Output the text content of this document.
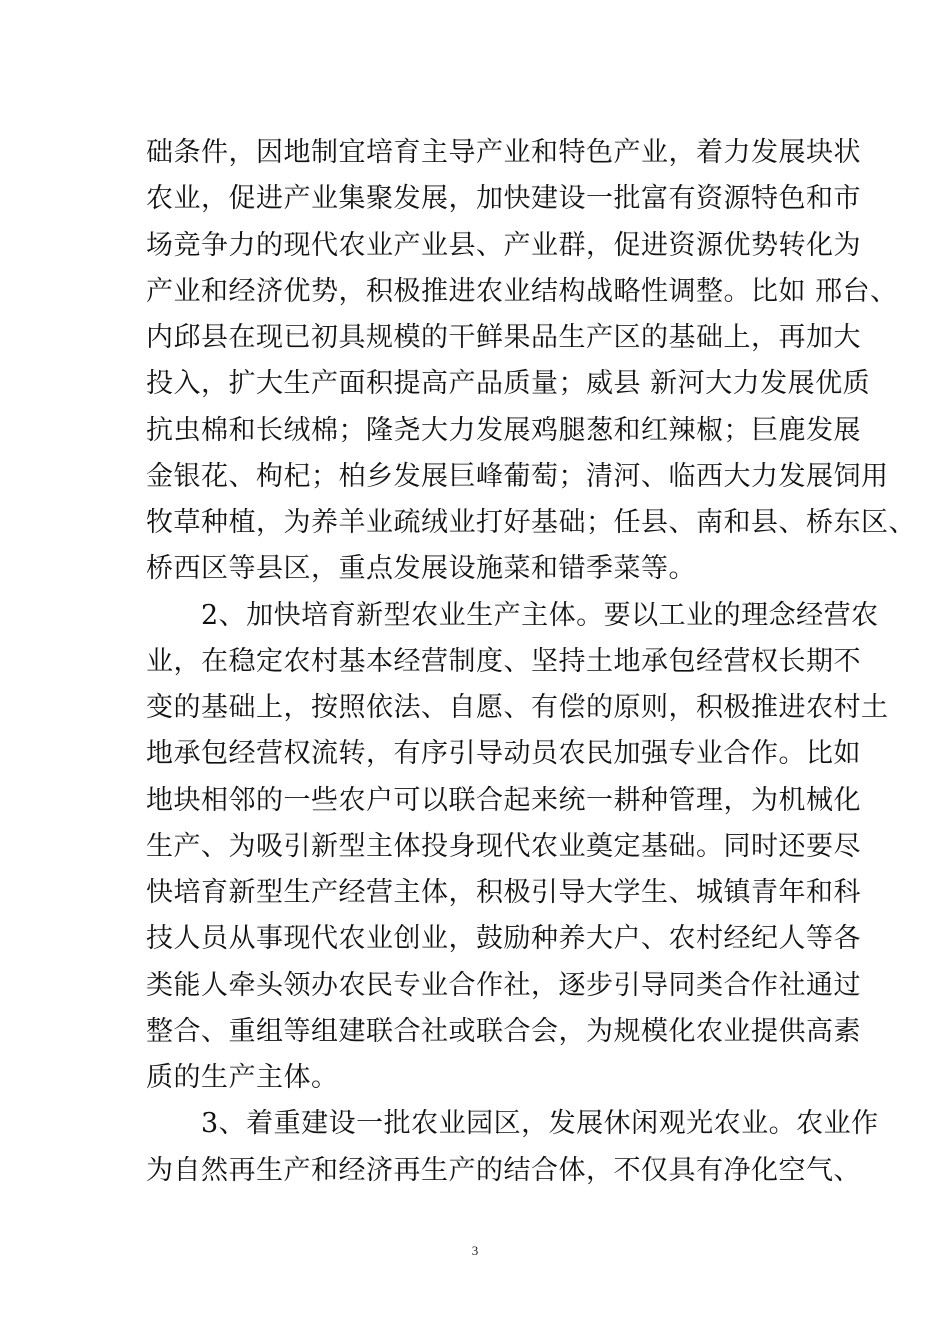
础条件，因地制宜培育主导产业和特色产业，着力发展块状
农业，促进产业集聚发展，加快建设一批富有资源特色和市
场竞争力的现代农业产业县、产业群，促进资源优势转化为
产业和经济优势，积极推进农业结构战略性调整。比如 邢台、
内邱县在现已初具规模的干鲜果品生产区的基础上，再加大
投入，扩大生产面积提高产品质量；威县 新河大力发展优质
抗虫棉和长绒棉；隆尧大力发展鸡腿葱和红辣椒；巨鹿发展
金银花、枸杞；柏乡发展巨峰葡萄；清河、临西大力发展饲用
牧草种植，为养羊业疏绒业打好基础；任县、南和县、桥东区、
桥西区等县区，重点发展设施菜和错季菜等。
　　2、加快培育新型农业生产主体。要以工业的理念经营农
业，在稳定农村基本经营制度、坚持土地承包经营权长期不
变的基础上，按照依法、自愿、有偿的原则，积极推进农村土
地承包经营权流转，有序引导动员农民加强专业合作。比如
地块相邻的一些农户可以联合起来统一耕种管理，为机械化
生产、为吸引新型主体投身现代农业奠定基础。同时还要尽
快培育新型生产经营主体，积极引导大学生、城镇青年和科
技人员从事现代农业创业，鼓励种养大户、农村经纪人等各
类能人牵头领办农民专业合作社，逐步引导同类合作社通过
整合、重组等组建联合社或联合会，为规模化农业提供高素
质的生产主体。
　　3、着重建设一批农业园区，发展休闲观光农业。农业作
为自然再生产和经济再生产的结合体，不仅具有净化空气、
3
